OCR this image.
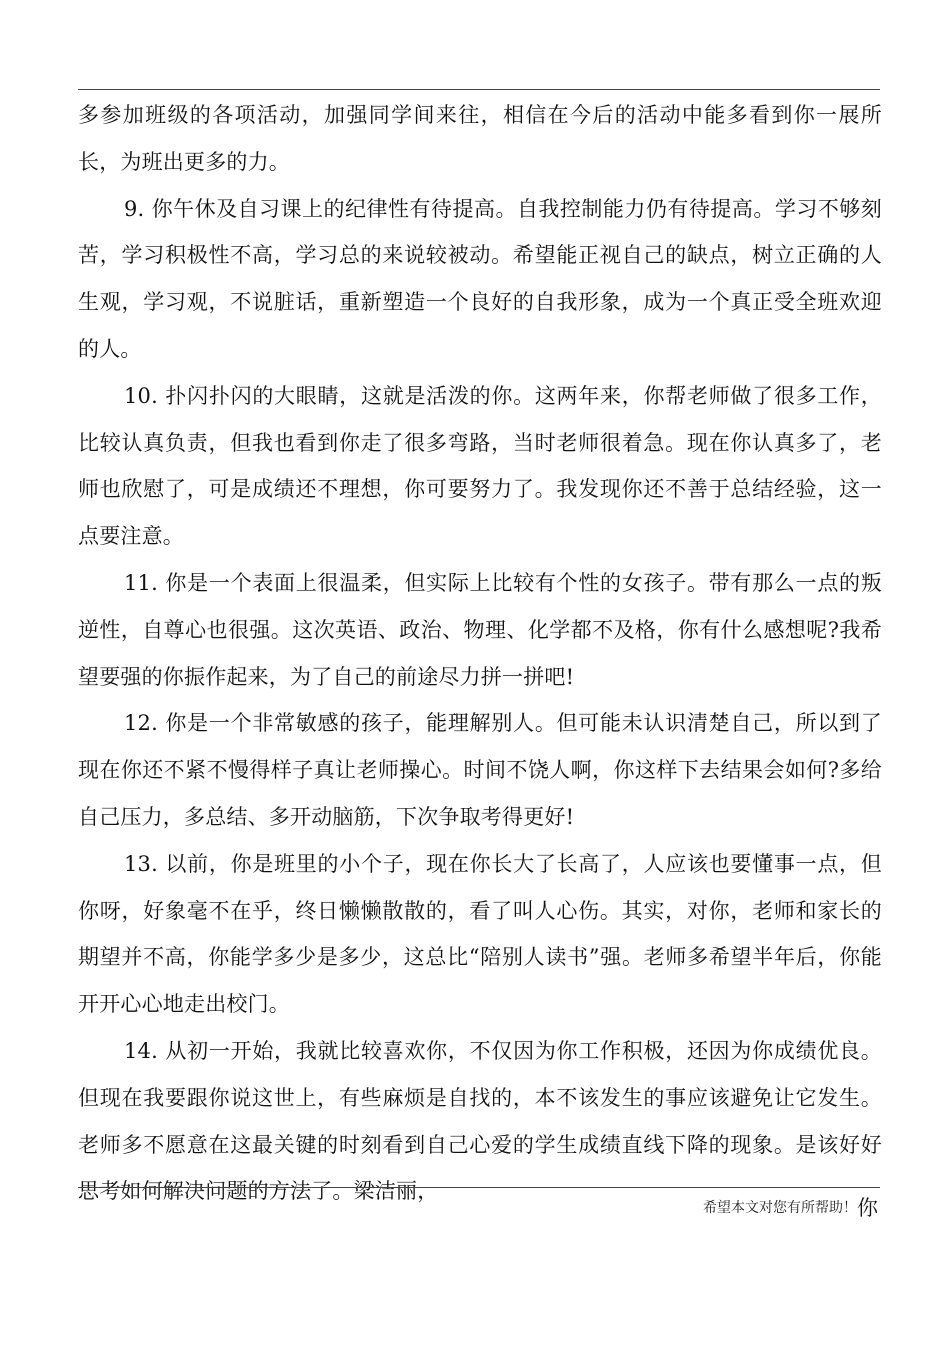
多参加班级的各项活动，加强同学间来往，相信在今后的活动中能多看到你一展所长，为班出更多的力。

9. 你午休及自习课上的纪律性有待提高。自我控制能力仍有待提高。学习不够刻苦，学习积极性不高，学习总的来说较被动。希望能正视自己的缺点，树立正确的人生观，学习观，不说脏话，重新塑造一个良好的自我形象，成为一个真正受全班欢迎的人。

10. 扑闪扑闪的大眼睛，这就是活泼的你。这两年来，你帮老师做了很多工作，比较认真负责，但我也看到你走了很多弯路，当时老师很着急。现在你认真多了，老师也欣慰了，可是成绩还不理想，你可要努力了。我发现你还不善于总结经验，这一点要注意。

11. 你是一个表面上很温柔，但实际上比较有个性的女孩子。带有那么一点的叛逆性，自尊心也很强。这次英语、政治、物理、化学都不及格，你有什么感想呢?我希望要强的你振作起来，为了自己的前途尽力拼一拼吧!

12. 你是一个非常敏感的孩子，能理解别人。但可能未认识清楚自己，所以到了现在你还不紧不慢得样子真让老师操心。时间不饶人啊，你这样下去结果会如何?多给自己压力，多总结、多开动脑筋，下次争取考得更好!

13. 以前，你是班里的小个子，现在你长大了长高了，人应该也要懂事一点，但你呀，好象毫不在乎，终日懒懒散散的，看了叫人心伤。其实，对你，老师和家长的期望并不高，你能学多少是多少，这总比“陪别人读书”强。老师多希望半年后，你能开开心心地走出校门。

14. 从初一开始，我就比较喜欢你，不仅因为你工作积极，还因为你成绩优良。但现在我要跟你说这世上，有些麻烦是自找的，本不该发生的事应该避免让它发生。老师多不愿意在这最关键的时刻看到自己心爱的学生成绩直线下降的现象。是该好好思考如何解决问题的方法了。梁洁丽，

希望本文对您有所帮助！你
